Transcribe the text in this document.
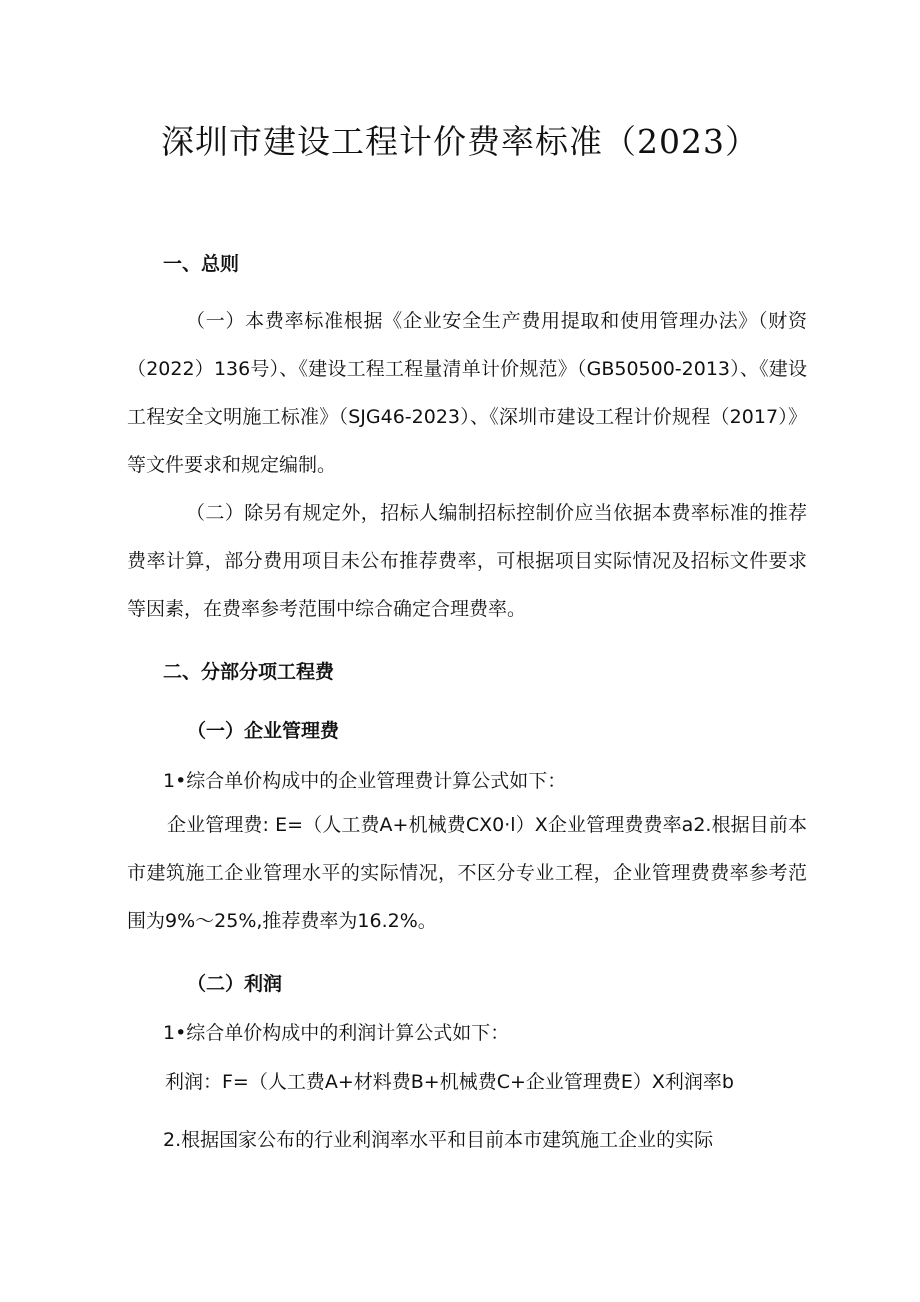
深圳市建设工程计价费率标准（2023）
一、总则
（一）本费率标准根据《企业安全生产费用提取和使用管理办法》（财资（2022）136号）、《建设工程工程量清单计价规范》（GB50500-2013）、《建设工程安全文明施工标准》（SJG46-2023）、《深圳市建设工程计价规程（2017）》等文件要求和规定编制。
（二）除另有规定外，招标人编制招标控制价应当依据本费率标准的推荐费率计算，部分费用项目未公布推荐费率，可根据项目实际情况及招标文件要求等因素，在费率参考范围中综合确定合理费率。
二、分部分项工程费
（一）企业管理费
1•综合单价构成中的企业管理费计算公式如下：
企业管理费: E=（人工费A+机械费CX0·l）X企业管理费费率a2.根据目前本市建筑施工企业管理水平的实际情况，不区分专业工程，企业管理费费率参考范围为9%〜25%,推荐费率为16.2%。
（二）利润
1•综合单价构成中的利润计算公式如下：
利润：F=（人工费A+材料费B+机械费C+企业管理费E）X利润率b
2.根据国家公布的行业利润率水平和目前本市建筑施工企业的实际
